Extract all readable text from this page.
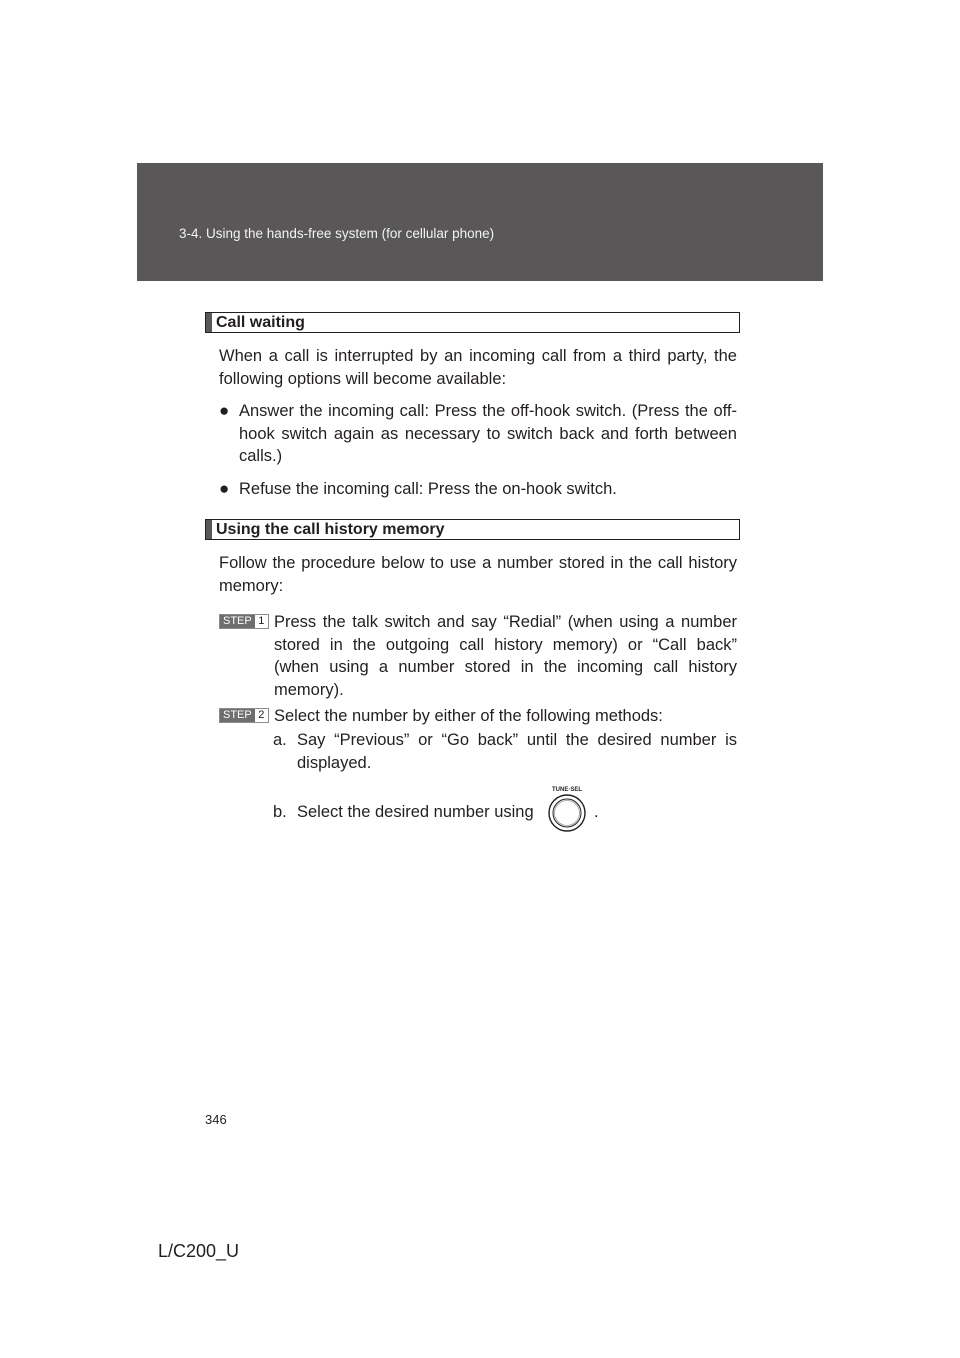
3-4. Using the hands-free system (for cellular phone)
Call waiting
When a call is interrupted by an incoming call from a third party, the following options will become available:
● Answer the incoming call: Press the off-hook switch. (Press the off-hook switch again as necessary to switch back and forth between calls.)
● Refuse the incoming call: Press the on-hook switch.
Using the call history memory
Follow the procedure below to use a number stored in the call history memory:
STEP 1 Press the talk switch and say “Redial” (when using a number stored in the outgoing call history memory) or “Call back” (when using a number stored in the incoming call history memory).
STEP 2 Select the number by either of the following methods:
a. Say “Previous” or “Go back” until the desired number is displayed.
b. Select the desired number using
TUNE·SEL
.
346
L/C200_U
